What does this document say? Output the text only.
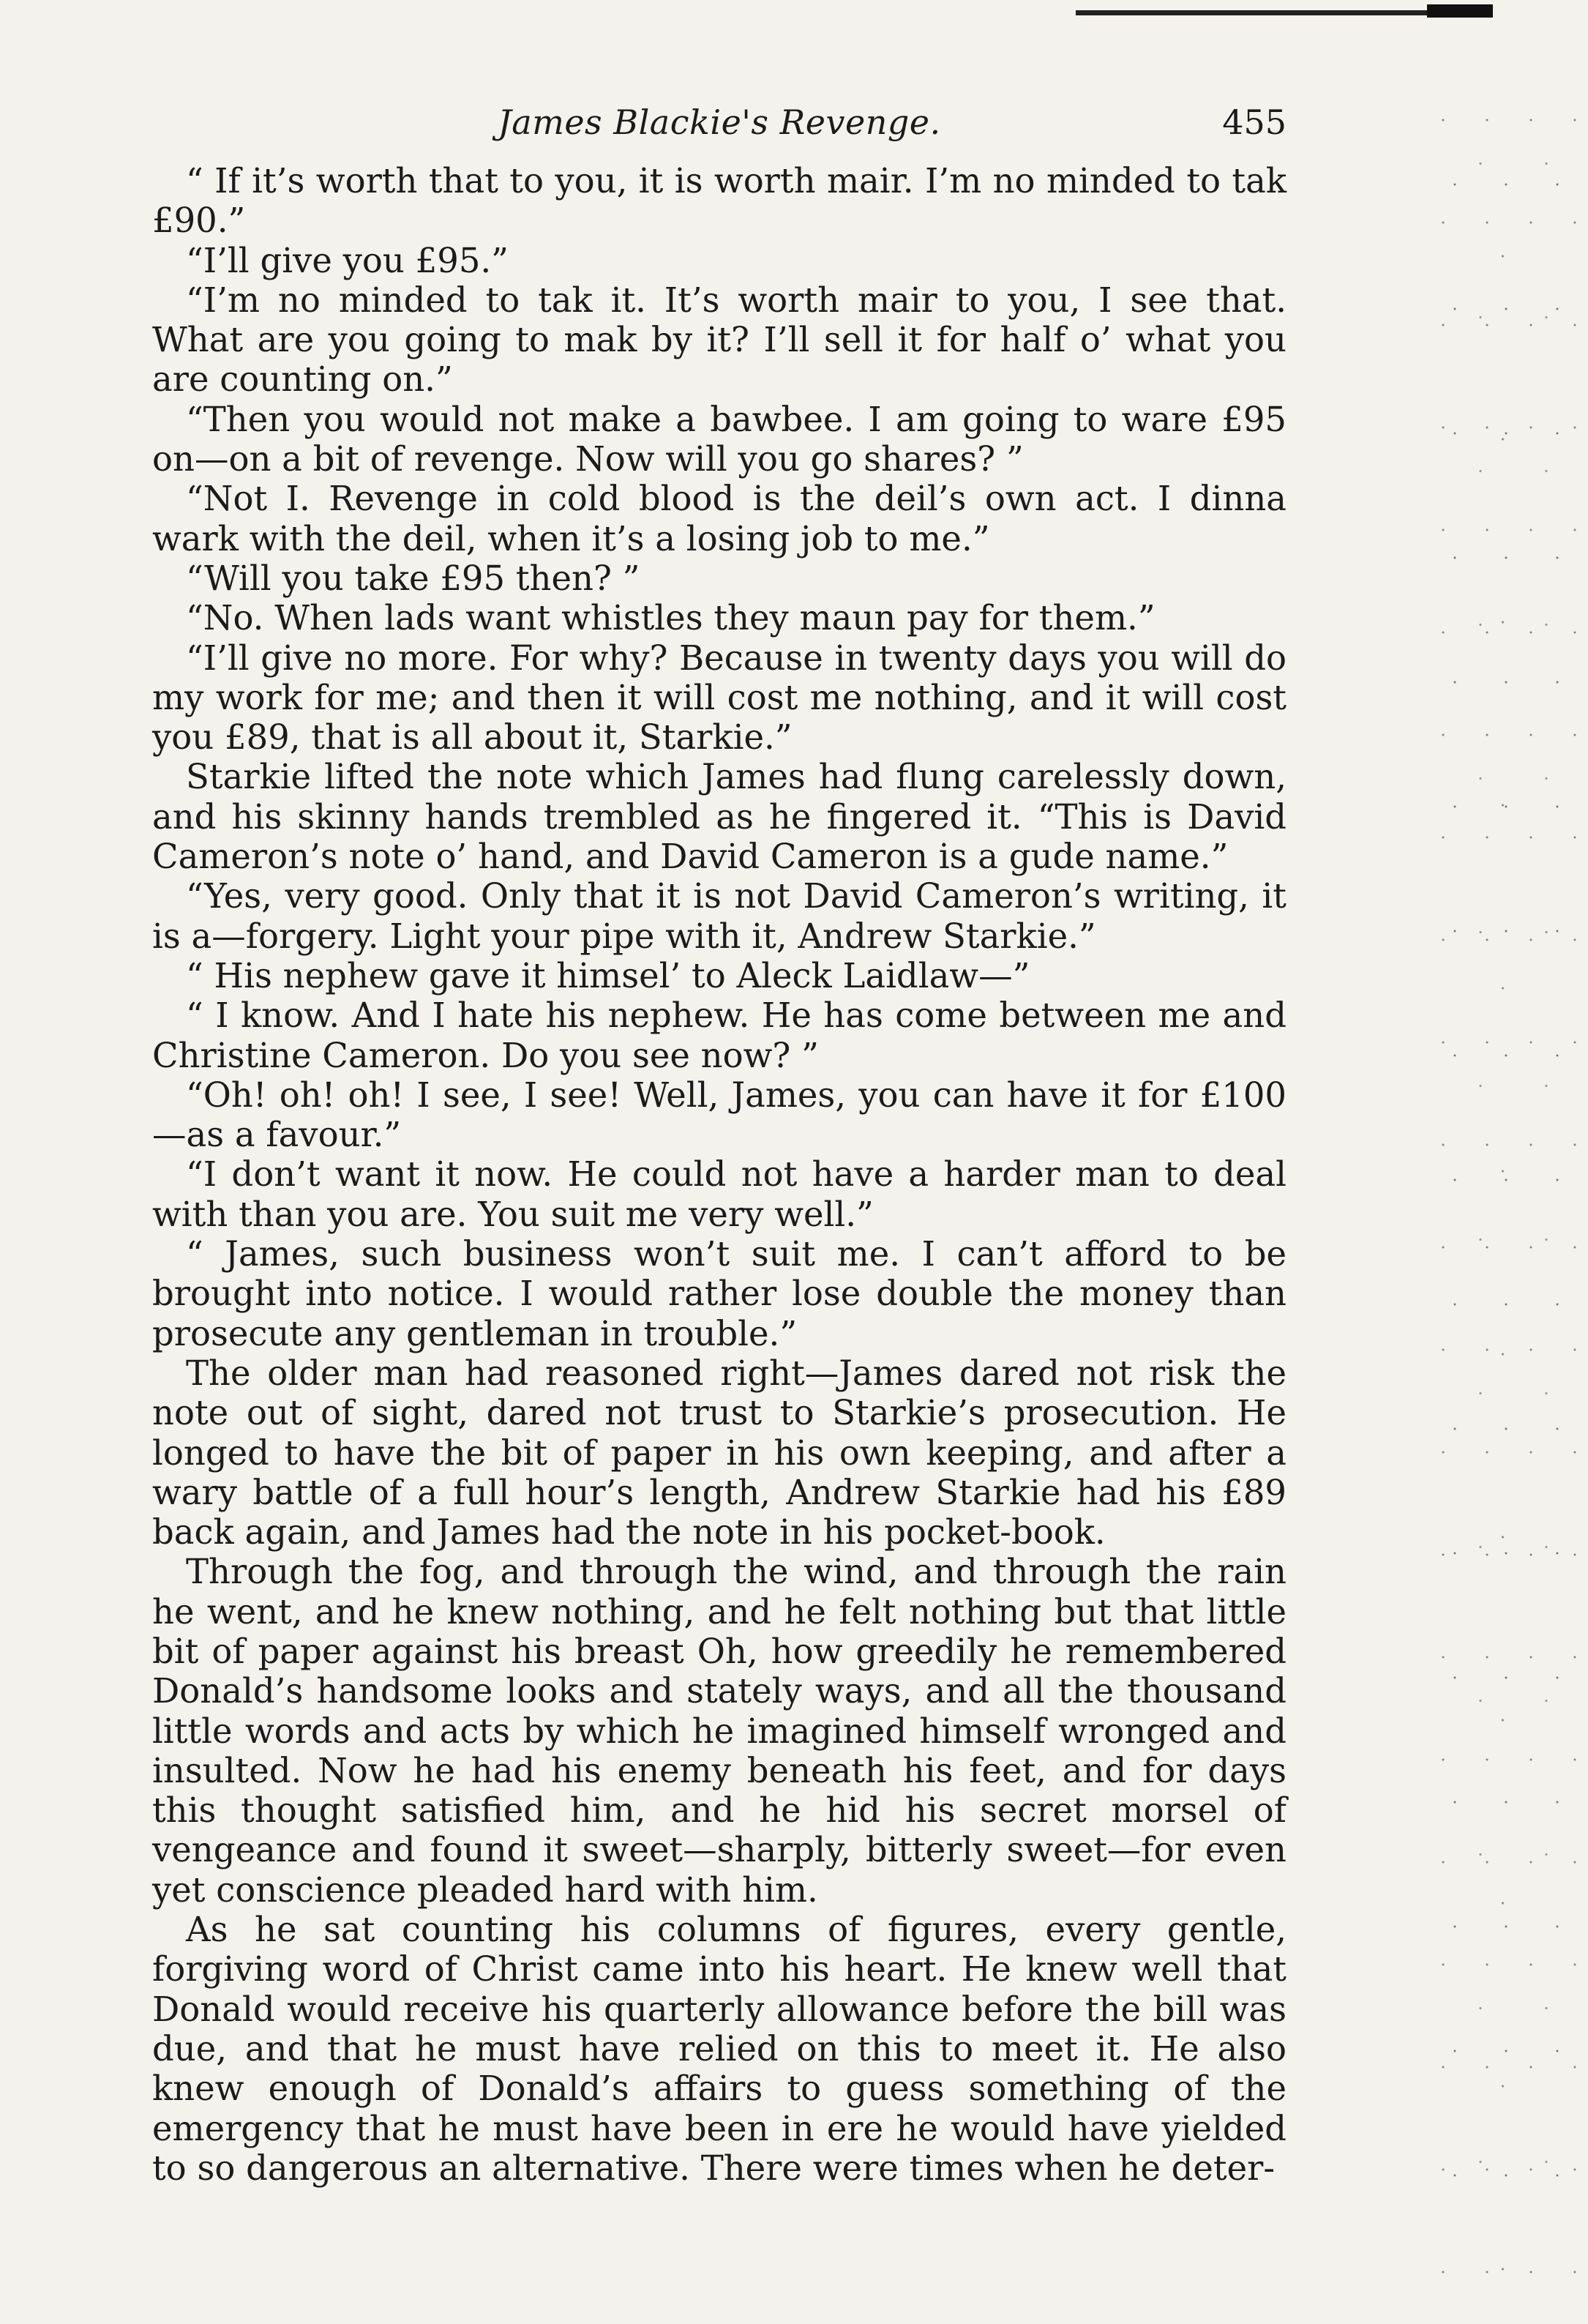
James Blackie's Revenge.	455

“ If it’s worth that to you, it is worth mair. I’m no minded to tak £90.”

“I’ll give you £95.”

“I’m no minded to tak it. It’s worth mair to you, I see that. What are you going to mak by it? I’ll sell it for half o’ what you are counting on.”

“Then you would not make a bawbee. I am going to ware £95 on—on a bit of revenge. Now will you go shares? ”

“Not I. Revenge in cold blood is the deil’s own act. I dinna wark with the deil, when it’s a losing job to me.”

“Will you take £95 then? ”

“No. When lads want whistles they maun pay for them.”

“I’ll give no more. For why? Because in twenty days you will do my work for me; and then it will cost me nothing, and it will cost you £89, that is all about it, Starkie.”

Starkie lifted the note which James had flung carelessly down, and his skinny hands trembled as he fingered it. “This is David Cameron’s note o’ hand, and David Cameron is a gude name.”

“Yes, very good. Only that it is not David Cameron’s writing, it is a—forgery. Light your pipe with it, Andrew Starkie.”

“ His nephew gave it himsel’ to Aleck Laidlaw—”

“ I know. And I hate his nephew. He has come between me and Christine Cameron. Do you see now? ”

“Oh! oh! oh! I see, I see! Well, James, you can have it for £100—as a favour.”

“I don’t want it now. He could not have a harder man to deal with than you are. You suit me very well.”

“ James, such business won’t suit me. I can’t afford to be brought into notice. I would rather lose double the money than prosecute any gentleman in trouble.”

The older man had reasoned right—James dared not risk the note out of sight, dared not trust to Starkie’s prosecution. He longed to have the bit of paper in his own keeping, and after a wary battle of a full hour’s length, Andrew Starkie had his £89 back again, and James had the note in his pocket-book.

Through the fog, and through the wind, and through the rain he went, and he knew nothing, and he felt nothing but that little bit of paper against his breast Oh, how greedily he remembered Donald’s handsome looks and stately ways, and all the thousand little words and acts by which he imagined himself wronged and insulted. Now he had his enemy beneath his feet, and for days this thought satisfied him, and he hid his secret morsel of vengeance and found it sweet—sharply, bitterly sweet—for even yet conscience pleaded hard with him.

As he sat counting his columns of figures, every gentle, forgiving word of Christ came into his heart. He knew well that Donald would receive his quarterly allowance before the bill was due, and that he must have relied on this to meet it. He also knew enough of Donald’s affairs to guess something of the emergency that he must have been in ere he would have yielded to so dangerous an alternative. There were times when he deter-
